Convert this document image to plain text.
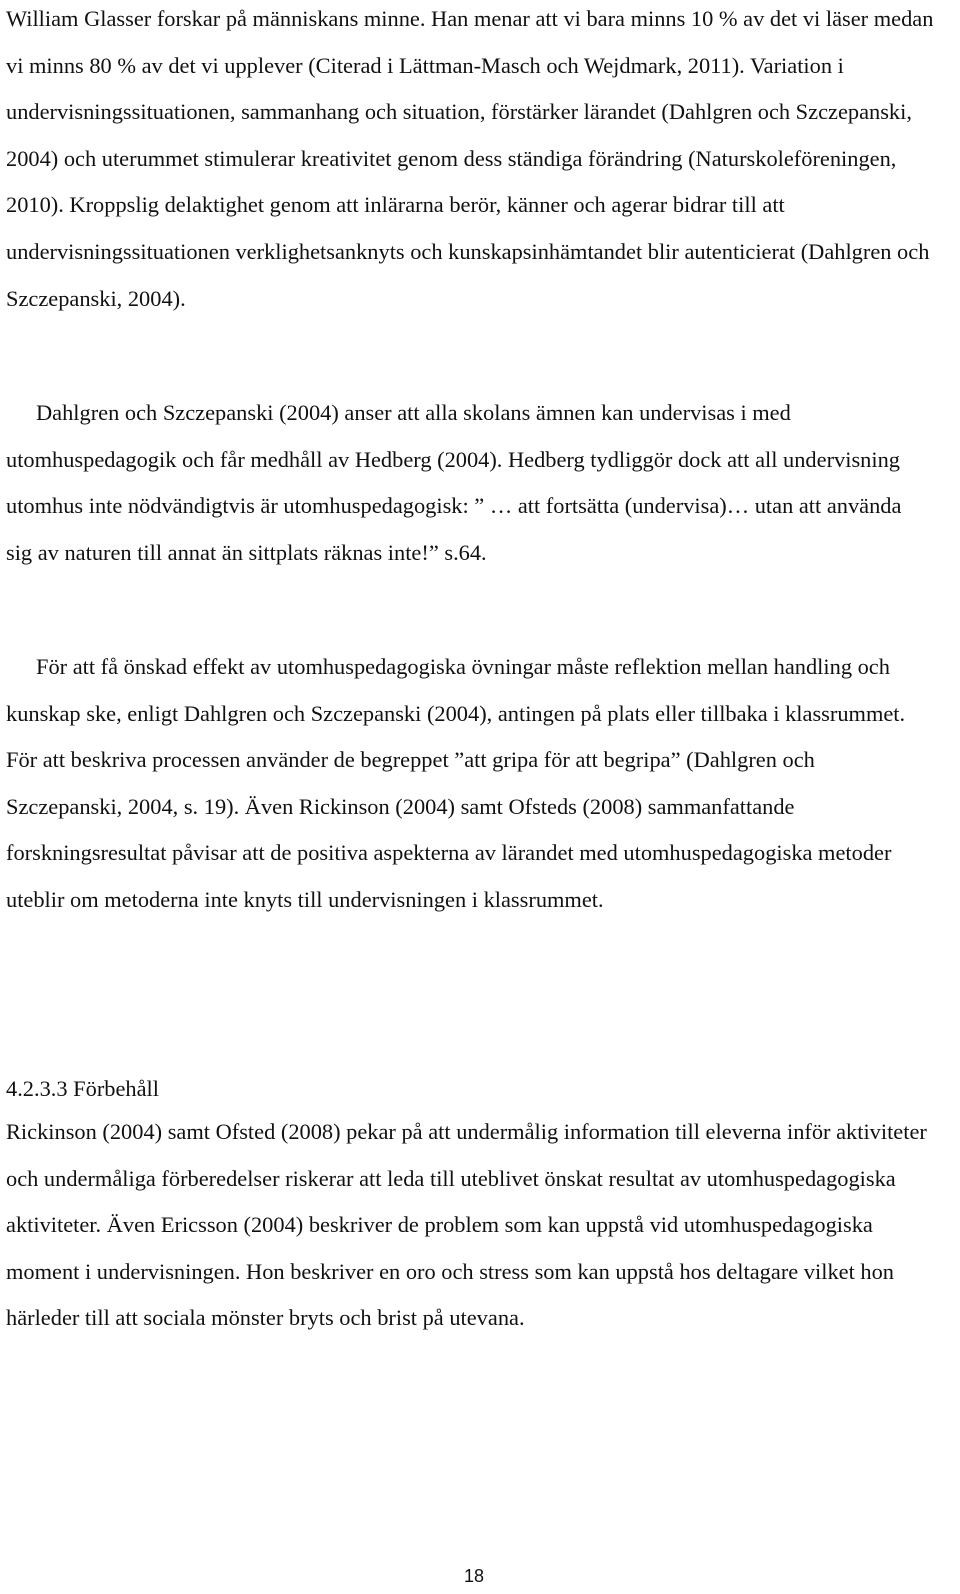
William Glasser forskar på människans minne. Han menar att vi bara minns 10 % av det vi läser medan vi minns 80 % av det vi upplever (Citerad i Lättman-Masch och Wejdmark, 2011). Variation i undervisningssituationen, sammanhang och situation, förstärker lärandet (Dahlgren och Szczepanski, 2004) och uterummet stimulerar kreativitet genom dess ständiga förändring (Naturskoleföreningen, 2010). Kroppslig delaktighet genom att inlärarna berör, känner och agerar bidrar till att undervisningssituationen verklighetsanknyts och kunskapsinhämtandet blir autenticierat (Dahlgren och Szczepanski, 2004).

Dahlgren och Szczepanski (2004) anser att alla skolans ämnen kan undervisas i med utomhuspedagogik och får medhåll av Hedberg (2004). Hedberg tydliggör dock att all undervisning utomhus inte nödvändigtvis är utomhuspedagogisk: ” … att fortsätta (undervisa)… utan att använda sig av naturen till annat än sittplats räknas inte!” s.64.

För att få önskad effekt av utomhuspedagogiska övningar måste reflektion mellan handling och kunskap ske, enligt Dahlgren och Szczepanski (2004), antingen på plats eller tillbaka i klassrummet. För att beskriva processen använder de begreppet ”att gripa för att begripa” (Dahlgren och Szczepanski, 2004, s. 19). Även Rickinson (2004) samt Ofsteds (2008) sammanfattande forskningsresultat påvisar att de positiva aspekterna av lärandet med utomhuspedagogiska metoder uteblir om metoderna inte knyts till undervisningen i klassrummet.

4.2.3.3 Förbehåll

Rickinson (2004) samt Ofsted (2008) pekar på att undermålig information till eleverna inför aktiviteter och undermåliga förberedelser riskerar att leda till uteblivet önskat resultat av utomhuspedagogiska aktiviteter. Även Ericsson (2004) beskriver de problem som kan uppstå vid utomhuspedagogiska moment i undervisningen. Hon beskriver en oro och stress som kan uppstå hos deltagare vilket hon härleder till att sociala mönster bryts och brist på utevana.

18
